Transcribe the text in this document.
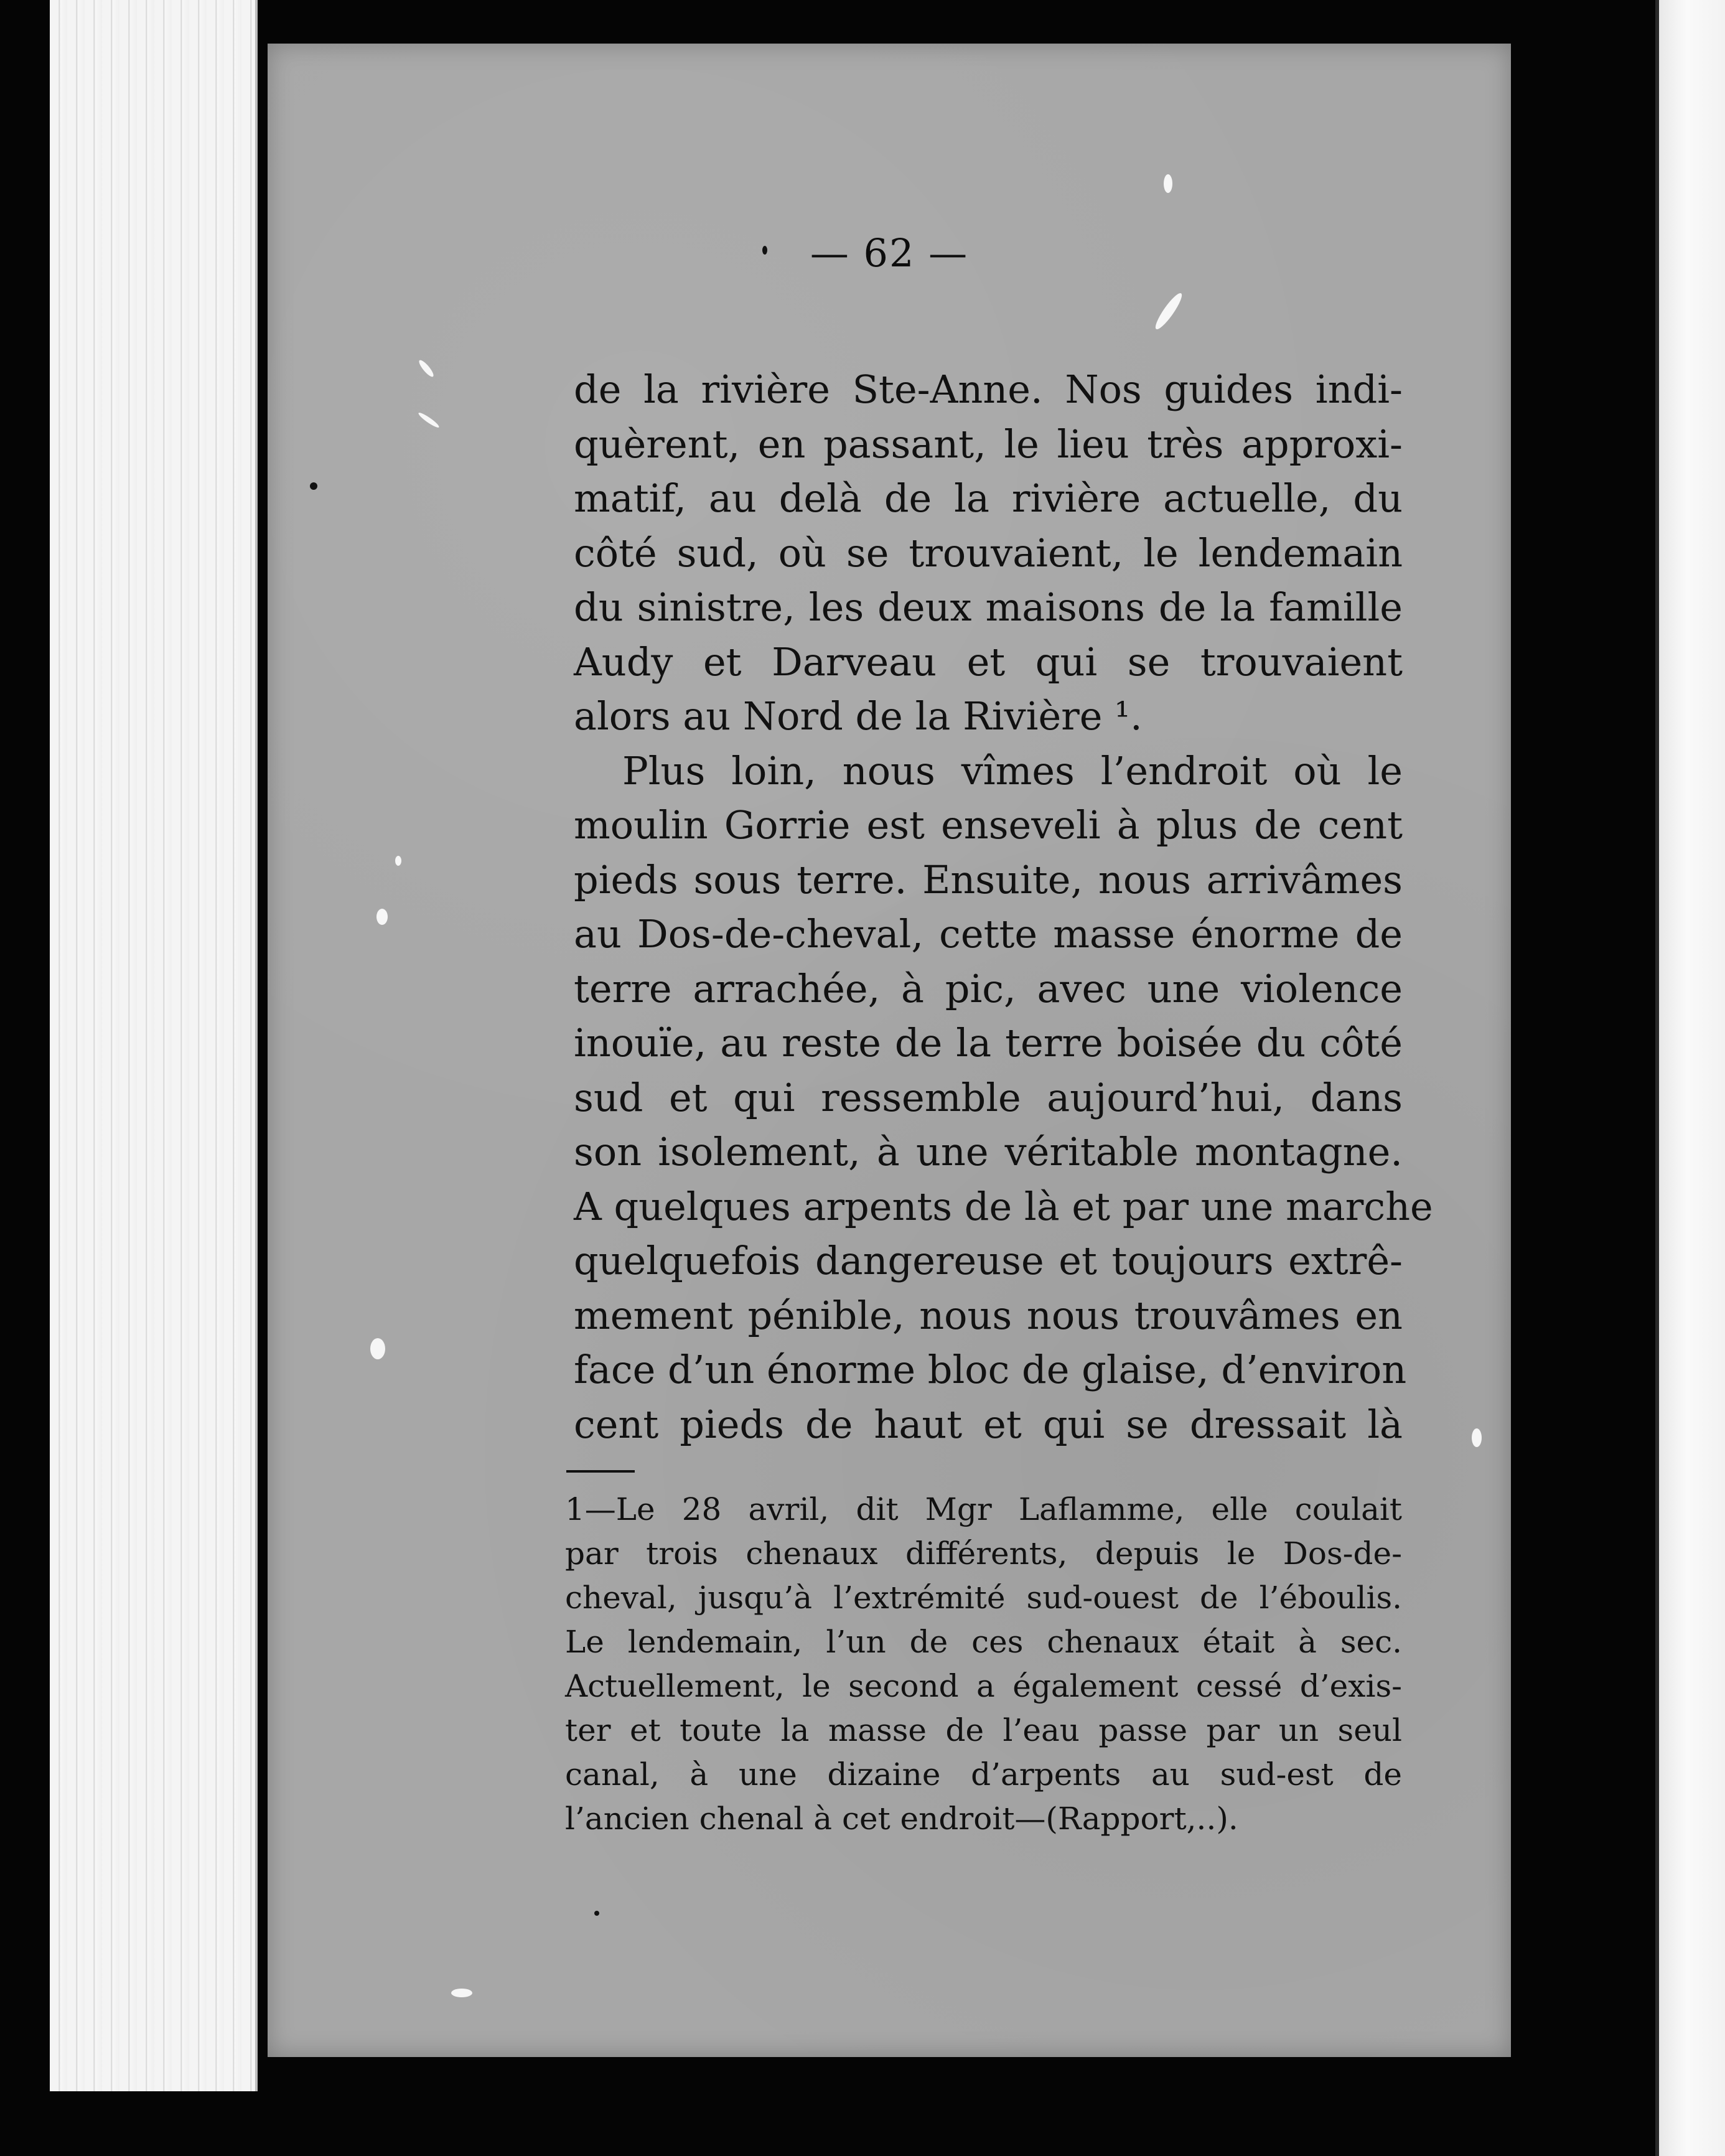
— 62 —
de la rivière Ste-Anne. Nos guides indi-
quèrent, en passant, le lieu très approxi-
matif, au delà de la rivière actuelle, du
côté sud, où se trouvaient, le lendemain
du sinistre, les deux maisons de la famille
Audy et Darveau et qui se trouvaient
alors au Nord de la Rivière ¹.
Plus loin, nous vîmes l’endroit où le
moulin Gorrie est enseveli à plus de cent
pieds sous terre. Ensuite, nous arrivâmes
au Dos-de-cheval, cette masse énorme de
terre arrachée, à pic, avec une violence
inouïe, au reste de la terre boisée du côté
sud et qui ressemble aujourd’hui, dans
son isolement, à une véritable montagne.
A quelques arpents de là et par une marche
quelquefois dangereuse et toujours extrê-
mement pénible, nous nous trouvâmes en
face d’un énorme bloc de glaise, d’environ
cent pieds de haut et qui se dressait là
1—Le 28 avril, dit Mgr Laflamme, elle coulait
par trois chenaux différents, depuis le Dos-de-
cheval, jusqu’à l’extrémité sud-ouest de l’éboulis.
Le lendemain, l’un de ces chenaux était à sec.
Actuellement, le second a également cessé d’exis-
ter et toute la masse de l’eau passe par un seul
canal, à une dizaine d’arpents au sud-est de
l’ancien chenal à cet endroit—(Rapport,..).
